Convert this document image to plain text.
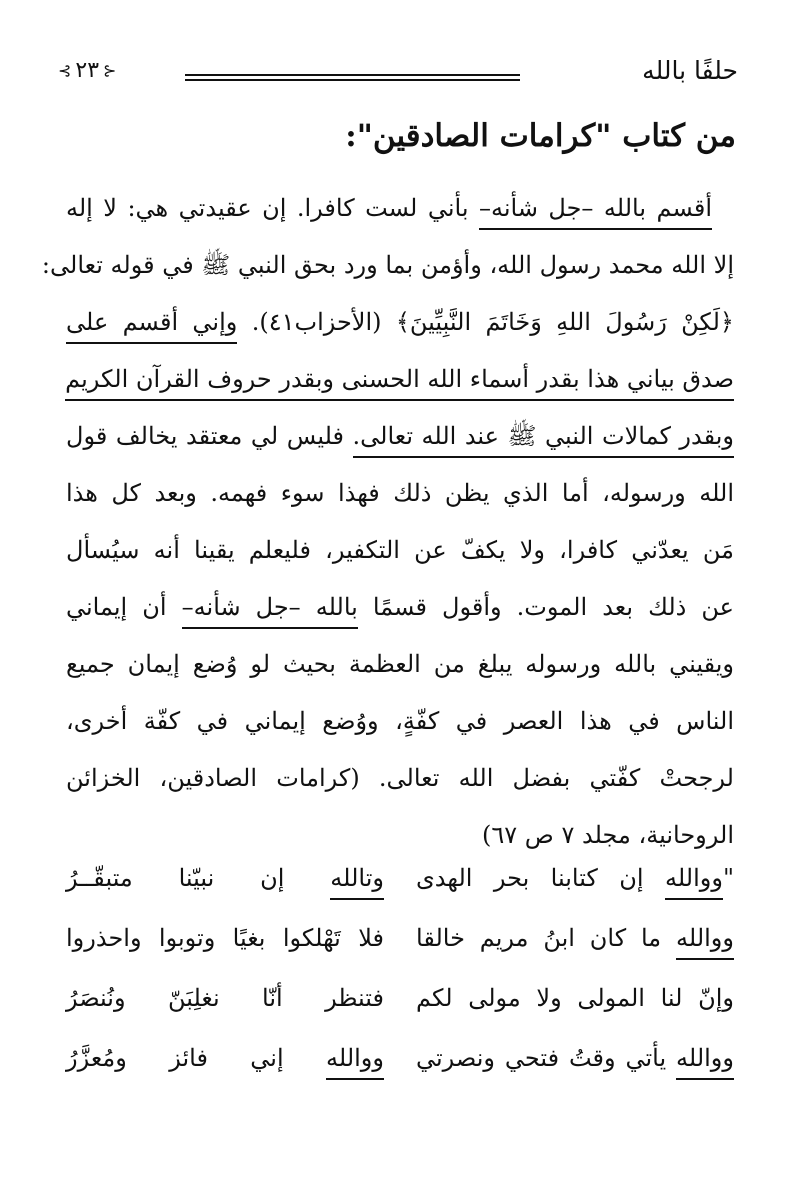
حلفًا بالله
⊰ ٢٣ ⊱
من كتاب "كرامات الصادقين":
أقسم بالله –جل شأنه– بأني لست كافرا. إن عقيدتي هي: لا إله
إلا الله محمد رسول الله، وأؤمن بما ورد بحق النبي ﷺ في قوله تعالى:
﴿لَكِنْ رَسُولَ اللهِ وَخَاتَمَ النَّبِيِّينَ﴾ (الأحزاب٤١). وإني أقسم على
صدق بياني هذا بقدر أسماء الله الحسنى وبقدر حروف القرآن الكريم
وبقدر كمالات النبي ﷺ عند الله تعالى. فليس لي معتقد يخالف قول
الله ورسوله، أما الذي يظن ذلك فهذا سوء فهمه. وبعد كل هذا
مَن يعدّني كافرا، ولا يكفّ عن التكفير، فليعلم يقينا أنه سيُسأل
عن ذلك بعد الموت. وأقول قسمًا بالله –جل شأنه– أن إيماني
ويقيني بالله ورسوله يبلغ من العظمة بحيث لو وُضع إيمان جميع
الناس في هذا العصر في كفّةٍ، ووُضع إيماني في كفّة أخرى،
لرجحتْ كفّتي بفضل الله تعالى. (كرامات الصادقين، الخزائن
الروحانية، مجلد ٧ ص ٦٧)
"ووالله إن كتابنا بحر الهدى
وتالله إن نبيّنا متبقّــرُ
ووالله ما كان ابنُ مريم خالقا
فلا تَهْلكوا بغيًا وتوبوا واحذروا
وإنّ لنا المولى ولا مولى لكم
فتنظر أنّا نغلِبَنّ ونُنصَرُ
ووالله يأتي وقتُ فتحي ونصرتي
ووالله إني فائز ومُعزَّرُ
